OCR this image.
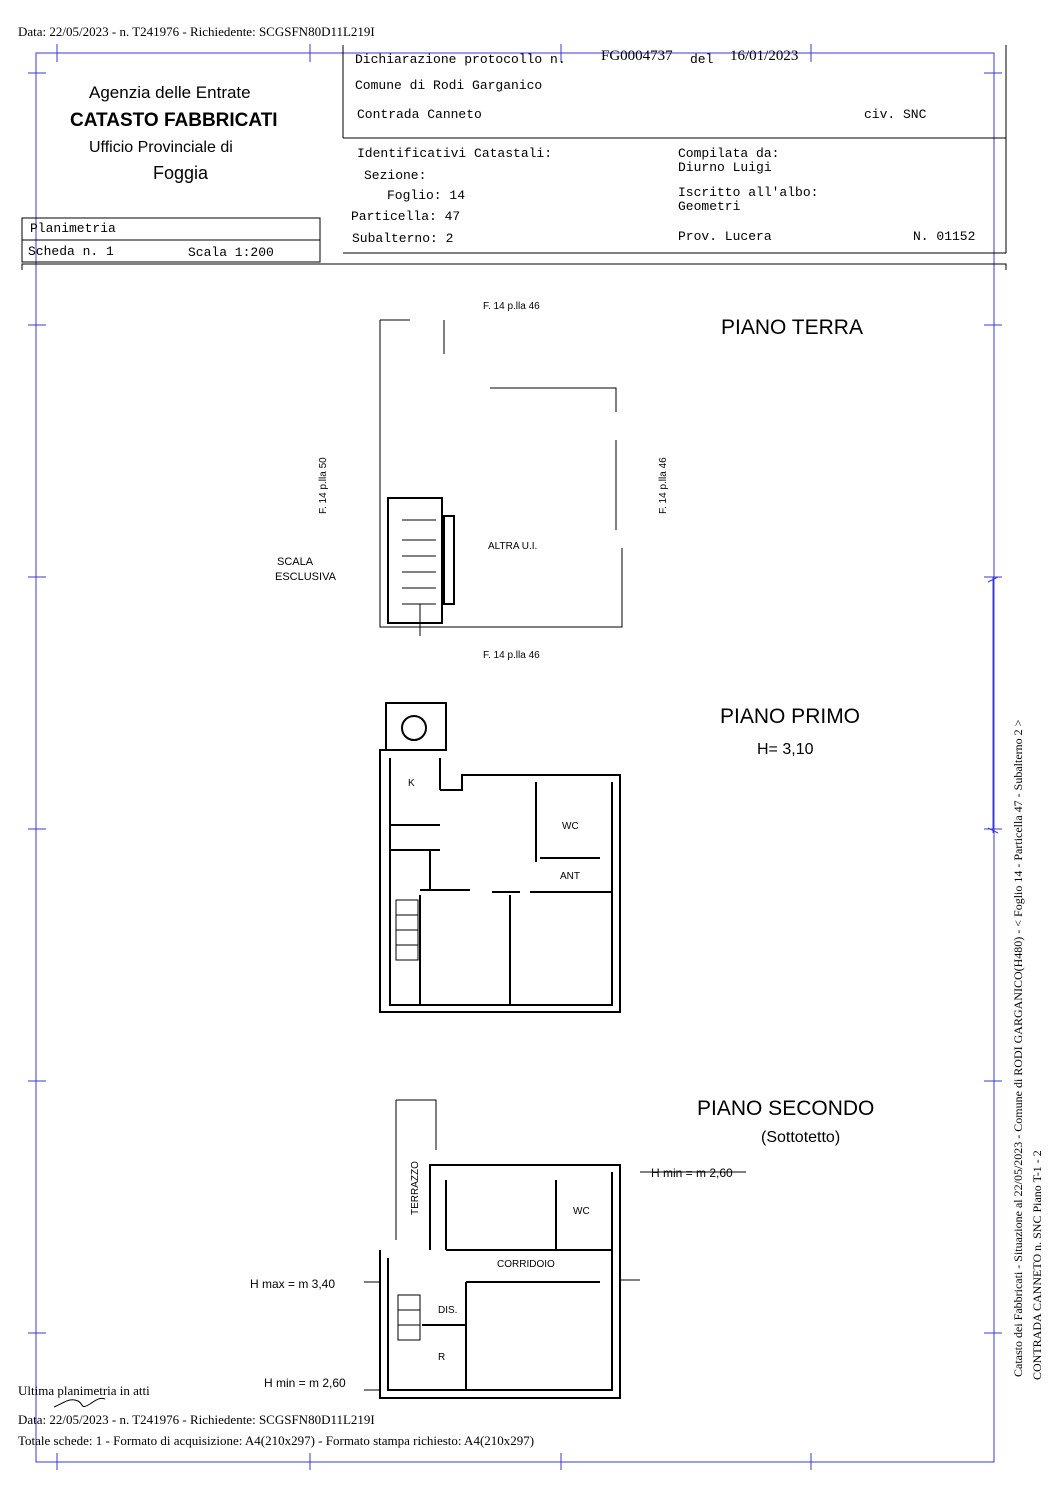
Data: 22/05/2023 - n. T241976 - Richiedente: SCGSFN80D11L219I
Agenzia delle Entrate
CATASTO FABBRICATI
Ufficio Provinciale di
Foggia
Dichiarazione protocollo n. FG0004737 del 16/01/2023
Comune di Rodi Garganico
Contrada Canneto	civ. SNC
Identificativi Catastali:
Sezione:
Foglio: 14
Particella: 47
Subalterno: 2
Compilata da:
Diurno Luigi
Iscritto all'albo:
Geometri
Prov. Lucera	N. 01152
Planimetria
Scheda n. 1	Scala 1:200
PIANO TERRA
F. 14 p.lla 46
F. 14 p.lla 46
F. 14 p.lla 50	F. 14 p.lla 46
SCALA
ESCLUSIVA
ALTRA U.I.
PIANO PRIMO
H= 3,10
K
WC
ANT
PIANO SECONDO
(Sottotetto)
H min = m 2,60
H max = m 3,40
H min = m 2,60
TERRAZZO	WC
CORRIDOIO
DIS.
R	Catasto dei Fabbricati - Situazione al 22/05/2023 - Comune di RODI GARGANICO(H480) - < Foglio 14 - Particella 47 - Subalterno 2 > CONTRADA CANNETO n. SNC Piano T-1 - 2
Ultima planimetria in atti
Data: 22/05/2023 - n. T241976 - Richiedente: SCGSFN80D11L219I
Totale schede: 1 - Formato di acquisizione: A4(210x297) - Formato stampa richiesto: A4(210x297)
